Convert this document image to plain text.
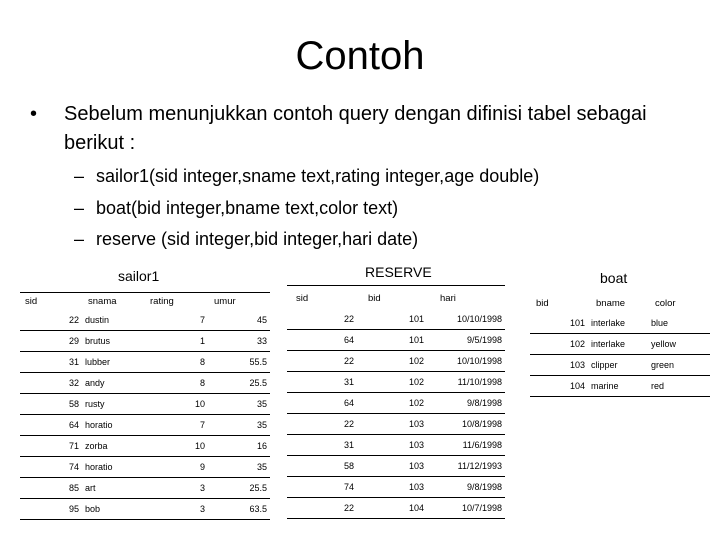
Contoh
• Sebelum menunjukkan contoh query dengan difinisi tabel sebagai berikut :
– sailor1(sid integer,sname text,rating integer,age double)
– boat(bid integer,bname text,color text)
– reserve (sid integer,bid integer,hari date)
sailor1
sid	snama	rating	umur
22	dustin	7	45
29	brutus	1	33
31	lubber	8	55.5
32	andy	8	25.5
58	rusty	10	35
64	horatio	7	35
71	zorba	10	16
74	horatio	9	35
85	art	3	25.5
95	bob	3	63.5
RESERVE
sid	bid	hari
22	101	10/10/1998
64	101	9/5/1998
22	102	10/10/1998
31	102	11/10/1998
64	102	9/8/1998
22	103	10/8/1998
31	103	11/6/1998
58	103	11/12/1993
74	103	9/8/1998
22	104	10/7/1998
boat
bid	bname	color
101	interlake	blue
102	interlake	yellow
103	clipper	green
104	marine	red
